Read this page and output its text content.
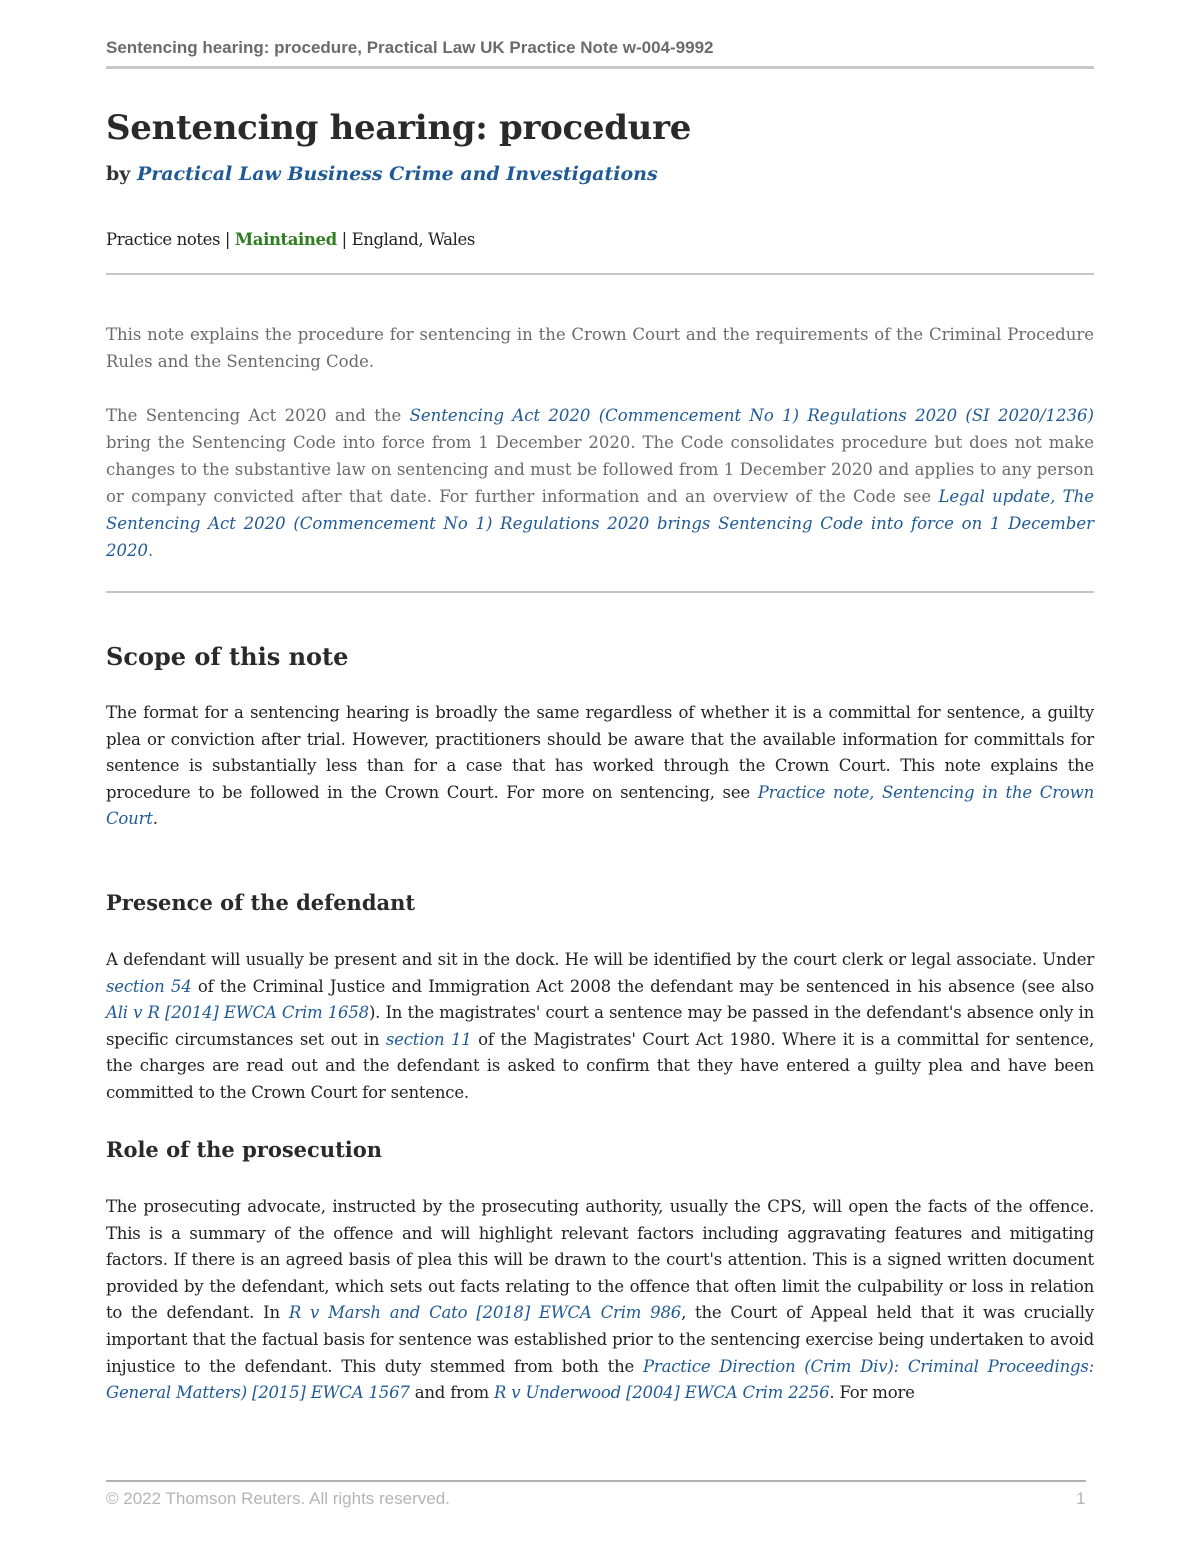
Sentencing hearing: procedure, Practical Law UK Practice Note w-004-9992
Sentencing hearing: procedure
by Practical Law Business Crime and Investigations
Practice notes | Maintained | England, Wales
This note explains the procedure for sentencing in the Crown Court and the requirements of the Criminal Procedure Rules and the Sentencing Code.
The Sentencing Act 2020 and the Sentencing Act 2020 (Commencement No 1) Regulations 2020 (SI 2020/1236) bring the Sentencing Code into force from 1 December 2020. The Code consolidates procedure but does not make changes to the substantive law on sentencing and must be followed from 1 December 2020 and applies to any person or company convicted after that date. For further information and an overview of the Code see Legal update, The Sentencing Act 2020 (Commencement No 1) Regulations 2020 brings Sentencing Code into force on 1 December 2020.
Scope of this note
The format for a sentencing hearing is broadly the same regardless of whether it is a committal for sentence, a guilty plea or conviction after trial. However, practitioners should be aware that the available information for committals for sentence is substantially less than for a case that has worked through the Crown Court. This note explains the procedure to be followed in the Crown Court. For more on sentencing, see Practice note, Sentencing in the Crown Court.
Presence of the defendant
A defendant will usually be present and sit in the dock. He will be identified by the court clerk or legal associate. Under section 54 of the Criminal Justice and Immigration Act 2008 the defendant may be sentenced in his absence (see also Ali v R [2014] EWCA Crim 1658). In the magistrates' court a sentence may be passed in the defendant's absence only in specific circumstances set out in section 11 of the Magistrates' Court Act 1980. Where it is a committal for sentence, the charges are read out and the defendant is asked to confirm that they have entered a guilty plea and have been committed to the Crown Court for sentence.
Role of the prosecution
The prosecuting advocate, instructed by the prosecuting authority, usually the CPS, will open the facts of the offence. This is a summary of the offence and will highlight relevant factors including aggravating features and mitigating factors. If there is an agreed basis of plea this will be drawn to the court's attention. This is a signed written document provided by the defendant, which sets out facts relating to the offence that often limit the culpability or loss in relation to the defendant. In R v Marsh and Cato [2018] EWCA Crim 986, the Court of Appeal held that it was crucially important that the factual basis for sentence was established prior to the sentencing exercise being undertaken to avoid injustice to the defendant. This duty stemmed from both the Practice Direction (Crim Div): Criminal Proceedings: General Matters) [2015] EWCA 1567 and from R v Underwood [2004] EWCA Crim 2256. For more
© 2022 Thomson Reuters. All rights reserved.	1
